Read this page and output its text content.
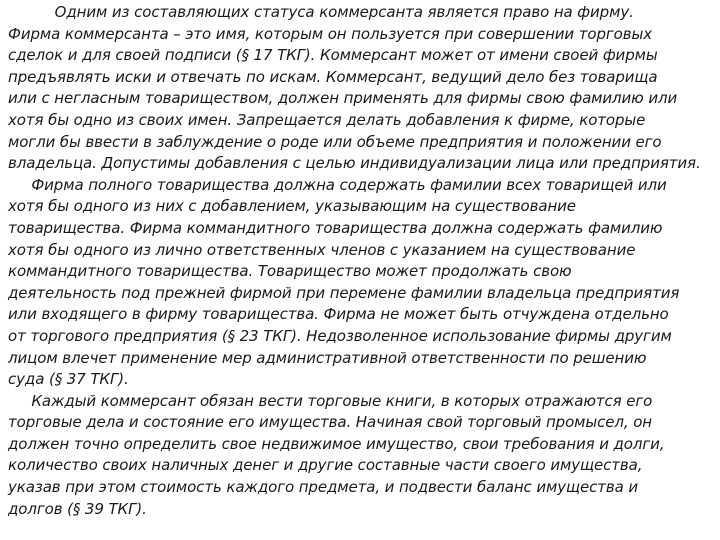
Одним из составляющих статуса коммерсанта является право на фирму.
Фирма коммерсанта – это имя, которым он пользуется при совершении торговых
сделок и для своей подписи (§ 17 ТКГ). Коммерсант может от имени своей фирмы
предъявлять иски и отвечать по искам. Коммерсант, ведущий дело без товарища
или с негласным товариществом, должен применять для фирмы свою фамилию или
хотя бы одно из своих имен. Запрещается делать добавления к фирме, которые
могли бы ввести в заблуждение о роде или объеме предприятия и положении его
владельца. Допустимы добавления с целью индивидуализации лица или предприятия.
Фирма полного товарищества должна содержать фамилии всех товарищей или
хотя бы одного из них с добавлением, указывающим на существование
товарищества. Фирма коммандитного товарищества должна содержать фамилию
хотя бы одного из лично ответственных членов с указанием на существование
коммандитного товарищества. Товарищество может продолжать свою
деятельность под прежней фирмой при перемене фамилии владельца предприятия
или входящего в фирму товарищества. Фирма не может быть отчуждена отдельно
от торгового предприятия (§ 23 ТКГ). Недозволенное использование фирмы другим
лицом влечет применение мер административной ответственности по решению
суда (§ 37 ТКГ).
Каждый коммерсант обязан вести торговые книги, в которых отражаются его
торговые дела и состояние его имущества. Начиная свой торговый промысел, он
должен точно определить свое недвижимое имущество, свои требования и долги,
количество своих наличных денег и другие составные части своего имущества,
указав при этом стоимость каждого предмета, и подвести баланс имущества и
долгов (§ 39 ТКГ).
